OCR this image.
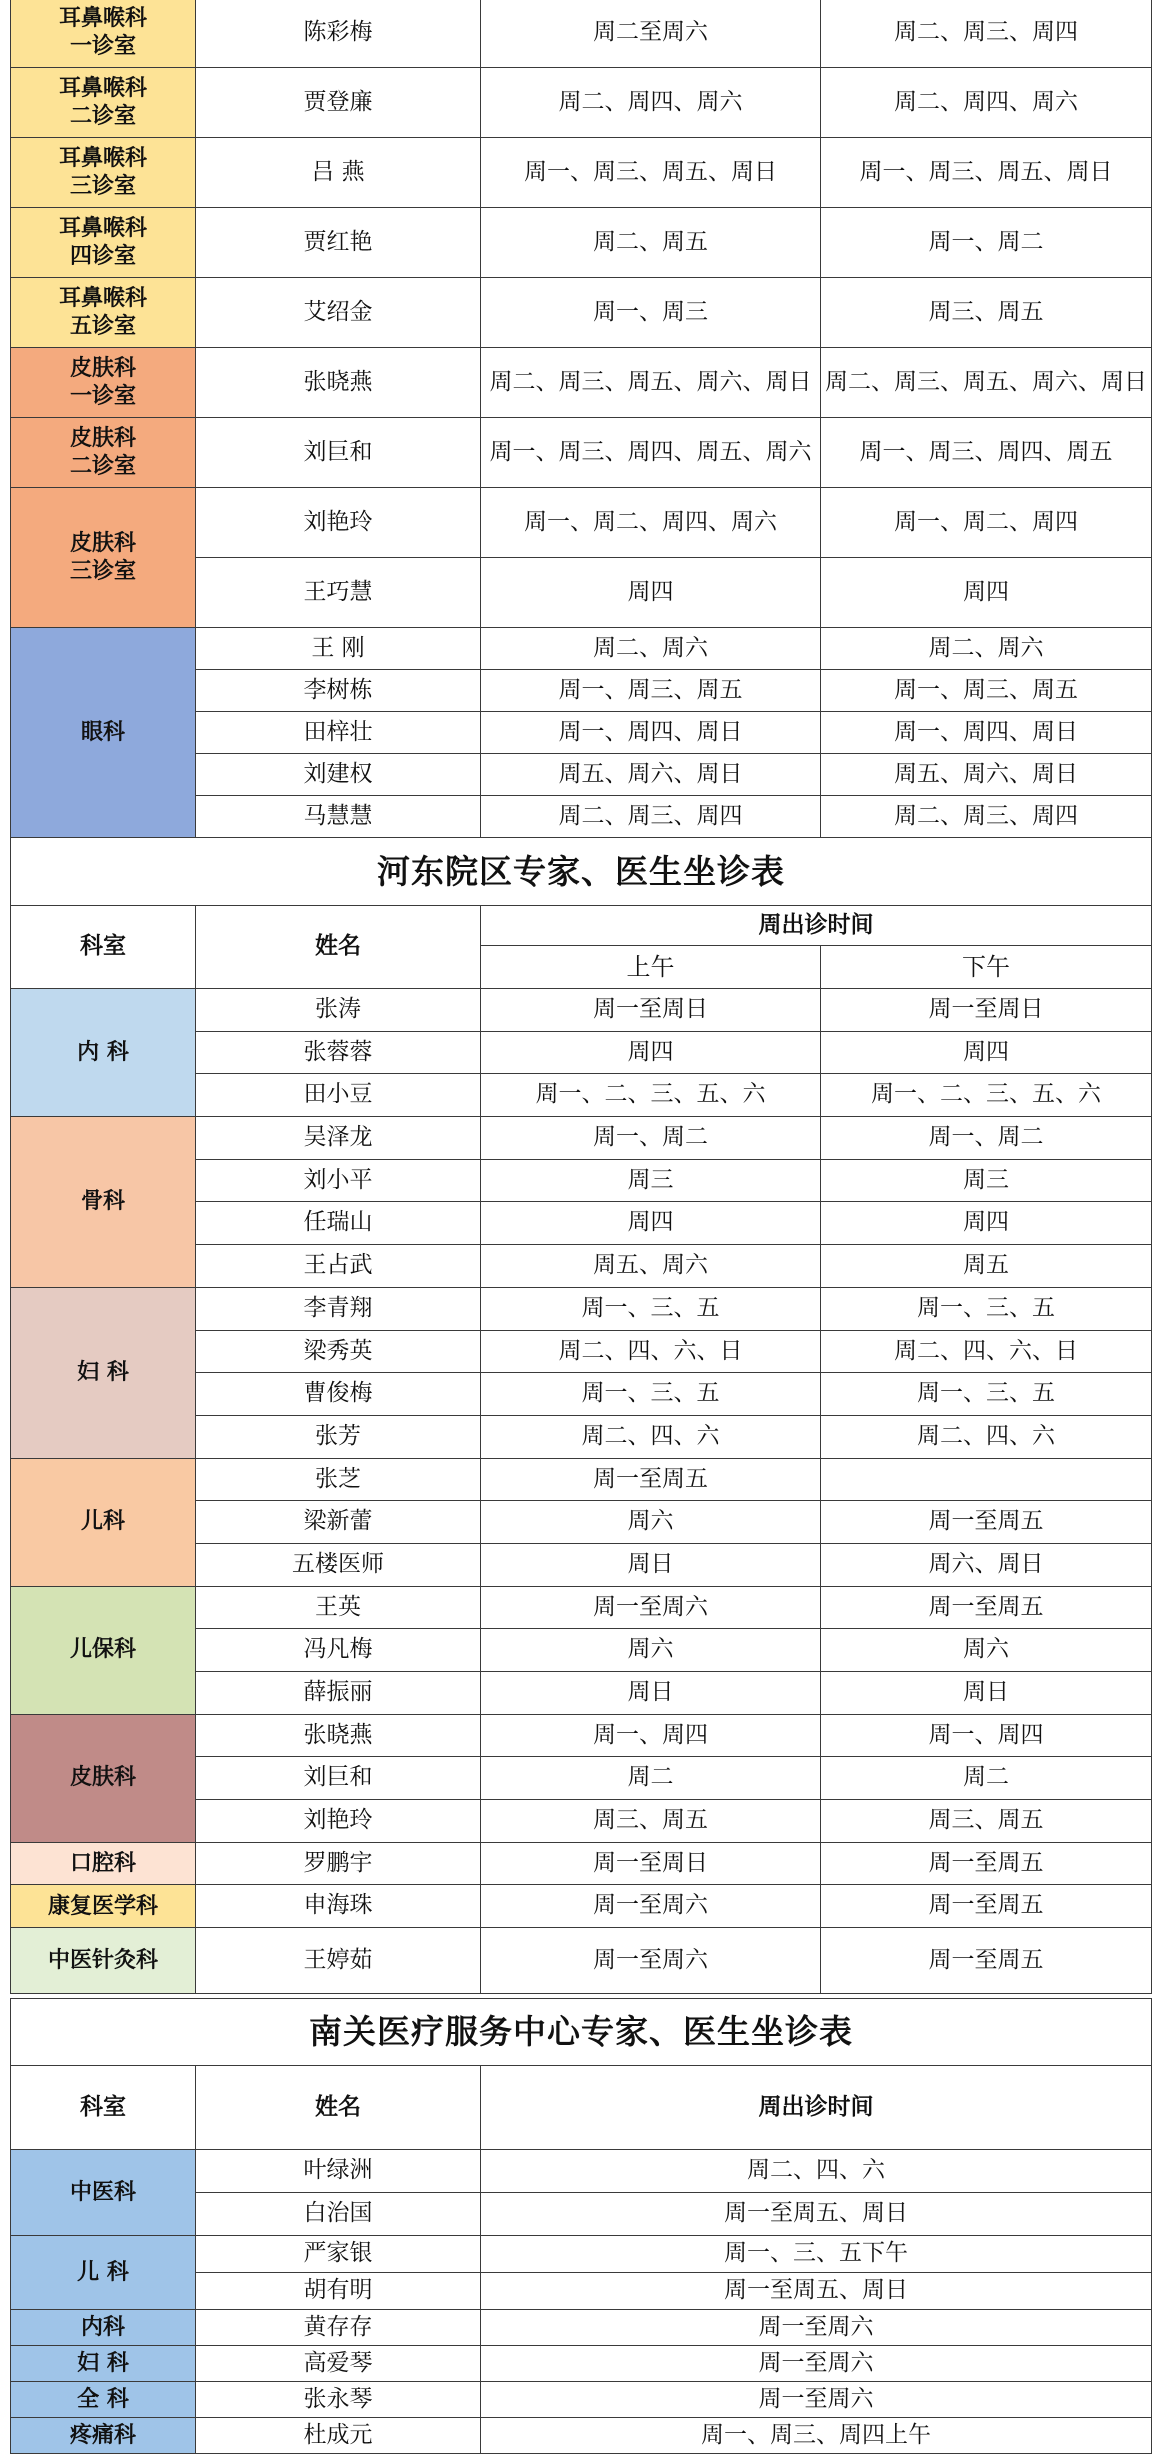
耳鼻喉科
一诊室	陈彩梅	周二至周六	周二、周三、周四
耳鼻喉科
二诊室	贾登廉	周二、周四、周六	周二、周四、周六
耳鼻喉科
三诊室	吕 燕	周一、周三、周五、周日	周一、周三、周五、周日
耳鼻喉科
四诊室	贾红艳	周二、周五	周一、周二
耳鼻喉科
五诊室	艾绍金	周一、周三	周三、周五
皮肤科
一诊室	张晓燕	周二、周三、周五、周六、周日	周二、周三、周五、周六、周日
皮肤科
二诊室	刘巨和	周一、周三、周四、周五、周六	周一、周三、周四、周五
皮肤科
三诊室	刘艳玲	周一、周二、周四、周六	周一、周二、周四
	王巧慧	周四	周四
眼科	王 刚	周二、周六	周二、周六
	李树栋	周一、周三、周五	周一、周三、周五
	田梓壮	周一、周四、周日	周一、周四、周日
	刘建权	周五、周六、周日	周五、周六、周日
	马慧慧	周二、周三、周四	周二、周三、周四
河东院区专家、医生坐诊表			
科室	姓名	周出诊时间	
		上午	下午
内 科	张涛	周一至周日	周一至周日
	张蓉蓉	周四	周四
	田小豆	周一、二、三、五、六	周一、二、三、五、六
骨科	吴泽龙	周一、周二	周一、周二
	刘小平	周三	周三
	任瑞山	周四	周四
	王占武	周五、周六	周五
妇 科	李青翔	周一、三、五	周一、三、五
	梁秀英	周二、四、六、日	周二、四、六、日
	曹俊梅	周一、三、五	周一、三、五
	张芳	周二、四、六	周二、四、六
儿科	张芝	周一至周五	
	梁新蕾	周六	周一至周五
	五楼医师	周日	周六、周日
儿保科	王英	周一至周六	周一至周五
	冯凡梅	周六	周六
	薛振丽	周日	周日
皮肤科	张晓燕	周一、周四	周一、周四
	刘巨和	周二	周二
	刘艳玲	周三、周五	周三、周五
口腔科	罗鹏宇	周一至周日	周一至周五
康复医学科	申海珠	周一至周六	周一至周五
中医针灸科	王婷茹	周一至周六	周一至周五
南关医疗服务中心专家、医生坐诊表		
科室	姓名	周出诊时间
中医科	叶绿洲	周二、四、六
	白治国	周一至周五、周日
儿 科	严家银	周一、三、五下午
	胡有明	周一至周五、周日
内科	黄存存	周一至周六
妇 科	高爱琴	周一至周六
全 科	张永琴	周一至周六
疼痛科	杜成元	周一、周三、周四上午
